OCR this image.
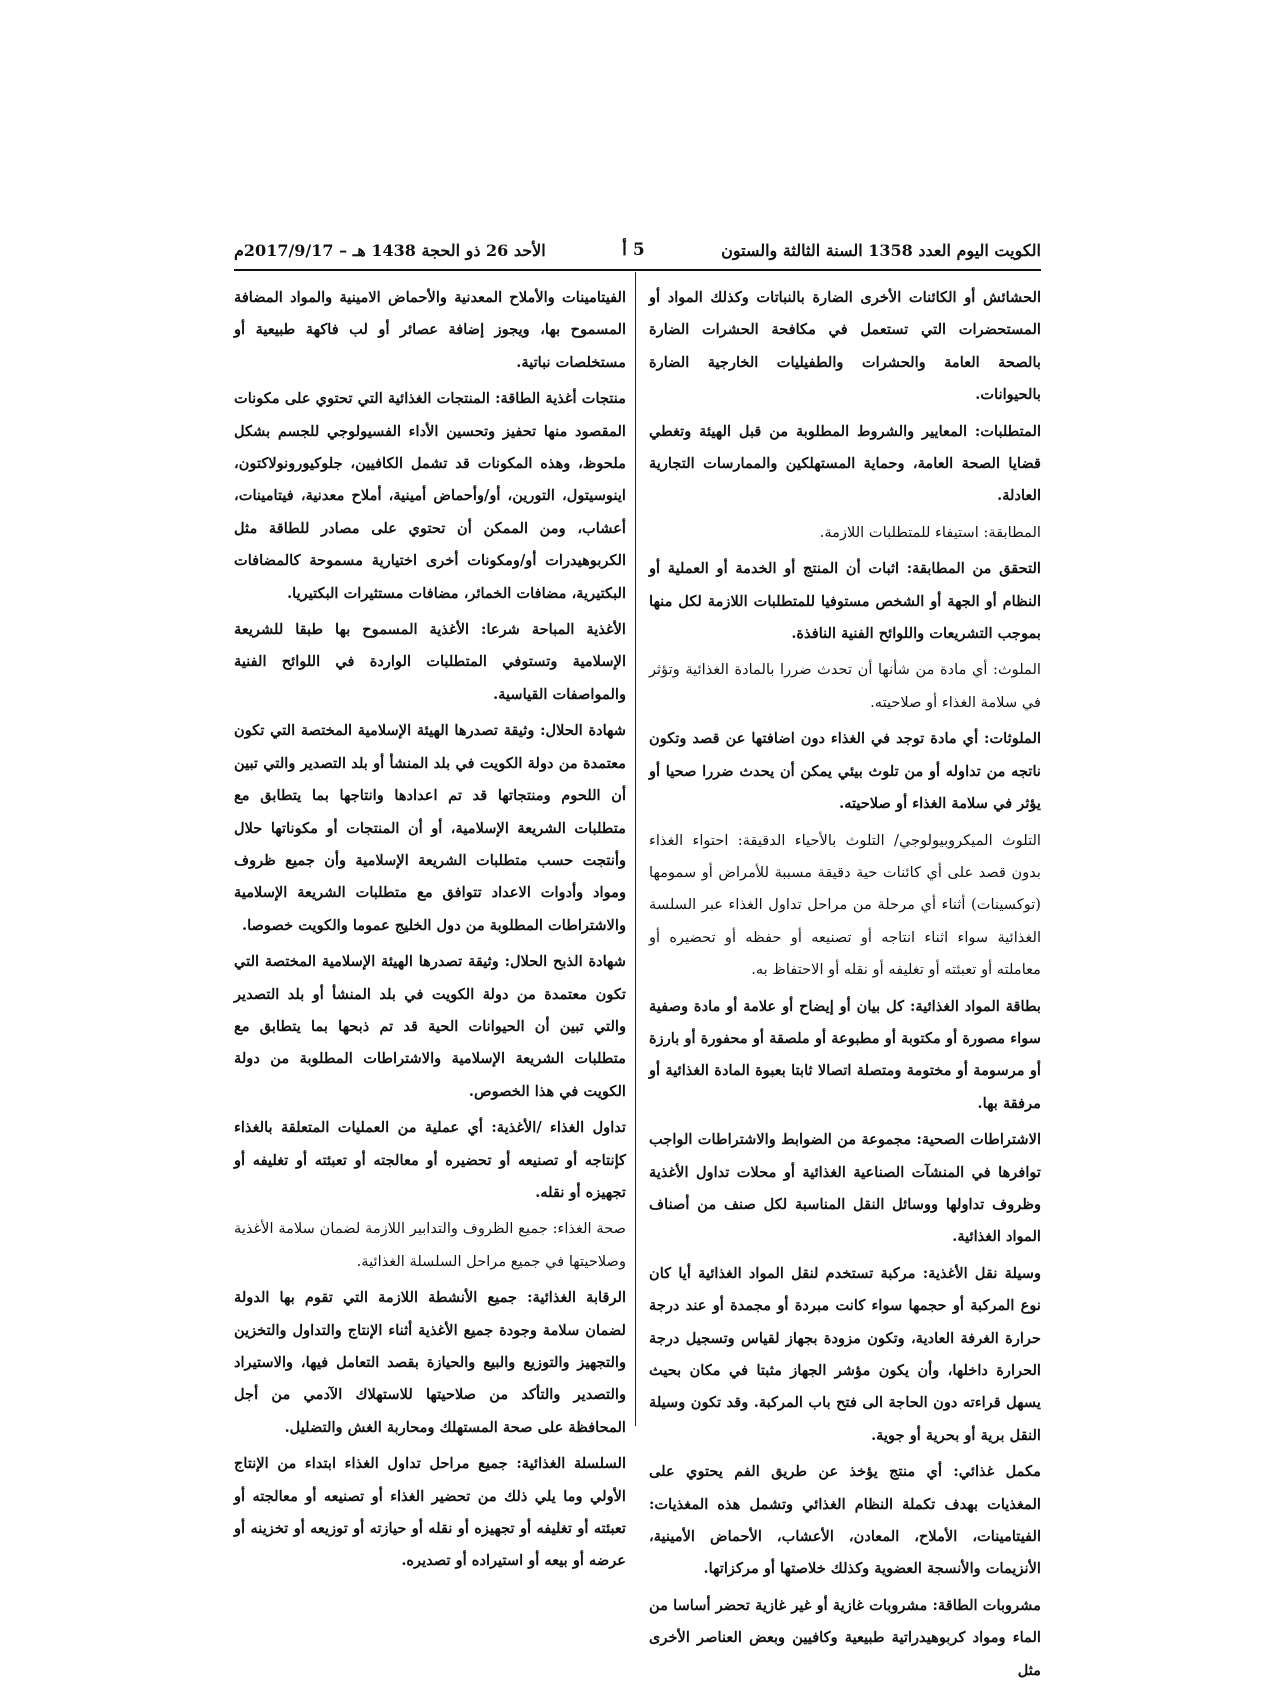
الكويت اليوم العدد 1358 السنة الثالثة والستون
5 أ
الأحد 26 ذو الحجة 1438 هـ – 2017/9/17م

الحشائش أو الكائنات الأخرى الضارة بالنباتات وكذلك المواد أو المستحضرات التي تستعمل في مكافحة الحشرات الضارة بالصحة العامة والحشرات والطفيليات الخارجية الضارة بالحيوانات.

المتطلبات: المعايير والشروط المطلوبة من قبل الهيئة وتغطي قضايا الصحة العامة، وحماية المستهلكين والممارسات التجارية العادلة.

المطابقة: استيفاء للمتطلبات اللازمة.

التحقق من المطابقة: اثبات أن المنتج أو الخدمة أو العملية أو النظام أو الجهة أو الشخص مستوفيا للمتطلبات اللازمة لكل منها بموجب التشريعات واللوائح الفنية النافذة.

الملوث: أي مادة من شأنها أن تحدث ضررا بالمادة الغذائية وتؤثر في سلامة الغذاء أو صلاحيته.

الملوثات: أي مادة توجد في الغذاء دون اضافتها عن قصد وتكون ناتجه من تداوله أو من تلوث بيئي يمكن أن يحدث ضررا صحيا أو يؤثر في سلامة الغذاء أو صلاحيته.

التلوث الميكروبيولوجي/ التلوث بالأحياء الدقيقة: احتواء الغذاء بدون قصد على أي كائنات حية دقيقة مسببة للأمراض أو سمومها (توكسينات) أثناء أي مرحلة من مراحل تداول الغذاء عبر السلسة الغذائية سواء اثناء انتاجه أو تصنيعه أو حفظه أو تحضيره أو معاملته أو تعبئته أو تغليفه أو نقله أو الاحتفاظ به.

بطاقة المواد الغذائية: كل بيان أو إيضاح أو علامة أو مادة وصفية سواء مصورة أو مكتوبة أو مطبوعة أو ملصقة أو محفورة أو بارزة أو مرسومة أو مختومة ومتصلة اتصالا ثابتا بعبوة المادة الغذائية أو مرفقة بها.

الاشتراطات الصحية: مجموعة من الضوابط والاشتراطات الواجب توافرها في المنشآت الصناعية الغذائية أو محلات تداول الأغذية وظروف تداولها ووسائل النقل المناسبة لكل صنف من أصناف المواد الغذائية.

وسيلة نقل الأغذية: مركبة تستخدم لنقل المواد الغذائية أيا كان نوع المركبة أو حجمها سواء كانت مبردة أو مجمدة أو عند درجة حرارة الغرفة العادية، وتكون مزودة بجهاز لقياس وتسجيل درجة الحرارة داخلها، وأن يكون مؤشر الجهاز مثبتا في مكان بحيث يسهل قراءته دون الحاجة الى فتح باب المركبة. وقد تكون وسيلة النقل برية أو بحرية أو جوية.

مكمل غذائي: أي منتج يؤخذ عن طريق الفم يحتوي على المغذيات بهدف تكملة النظام الغذائي وتشمل هذه المغذيات: الفيتامينات، الأملاح، المعادن، الأعشاب، الأحماض الأمينية، الأنزيمات والأنسجة العضوية وكذلك خلاصتها أو مركزاتها.

مشروبات الطاقة: مشروبات غازية أو غير غازية تحضر أساسا من الماء ومواد كربوهيدراتية طبيعية وكافيين وبعض العناصر الأخرى مثل

الفيتامينات والأملاح المعدنية والأحماض الامينية والمواد المضافة المسموح بها، ويجوز إضافة عصائر أو لب فاكهة طبيعية أو مستخلصات نباتية.

منتجات أغذية الطاقة: المنتجات الغذائية التي تحتوي على مكونات المقصود منها تحفيز وتحسين الأداء الفسيولوجي للجسم بشكل ملحوظ، وهذه المكونات قد تشمل الكافيين، جلوكيورونولاكتون، اينوسيتول، التورين، أو/وأحماض أمينية، أملاح معدنية، فيتامينات، أعشاب، ومن الممكن أن تحتوي على مصادر للطاقة مثل الكربوهيدرات أو/ومكونات أخرى اختيارية مسموحة كالمضافات البكتيرية، مضافات الخمائر، مضافات مستثيرات البكتيريا.

الأغذية المباحة شرعا: الأغذية المسموح بها طبقا للشريعة الإسلامية وتستوفي المتطلبات الواردة في اللوائح الفنية والمواصفات القياسية.

شهادة الحلال: وثيقة تصدرها الهيئة الإسلامية المختصة التي تكون معتمدة من دولة الكويت في بلد المنشأ أو بلد التصدير والتي تبين أن اللحوم ومنتجاتها قد تم اعدادها وانتاجها بما يتطابق مع متطلبات الشريعة الإسلامية، أو أن المنتجات أو مكوناتها حلال وأنتجت حسب متطلبات الشريعة الإسلامية وأن جميع ظروف ومواد وأدوات الاعداد تتوافق مع متطلبات الشريعة الإسلامية والاشتراطات المطلوبة من دول الخليج عموما والكويت خصوصا.

شهادة الذبح الحلال: وثيقة تصدرها الهيئة الإسلامية المختصة التي تكون معتمدة من دولة الكويت في بلد المنشأ أو بلد التصدير والتي تبين أن الحيوانات الحية قد تم ذبحها بما يتطابق مع متطلبات الشريعة الإسلامية والاشتراطات المطلوبة من دولة الكويت في هذا الخصوص.

تداول الغذاء /الأغذية: أي عملية من العمليات المتعلقة بالغذاء كإنتاجه أو تصنيعه أو تحضيره أو معالجته أو تعبئته أو تغليفه أو تجهيزه أو نقله.

صحة الغذاء: جميع الظروف والتدابير اللازمة لضمان سلامة الأغذية وصلاحيتها في جميع مراحل السلسلة الغذائية.

الرقابة الغذائية: جميع الأنشطة اللازمة التي تقوم بها الدولة لضمان سلامة وجودة جميع الأغذية أثناء الإنتاج والتداول والتخزين والتجهيز والتوزيع والبيع والحيازة بقصد التعامل فيها، والاستيراد والتصدير والتأكد من صلاحيتها للاستهلاك الآدمي من أجل المحافظة على صحة المستهلك ومحاربة الغش والتضليل.

السلسلة الغذائية: جميع مراحل تداول الغذاء ابتداء من الإنتاج الأولي وما يلي ذلك من تحضير الغذاء أو تصنيعه أو معالجته أو تعبئته أو تغليفه أو تجهيزه أو نقله أو حيازته أو توزيعه أو تخزينه أو عرضه أو بيعه أو استيراده أو تصديره.
